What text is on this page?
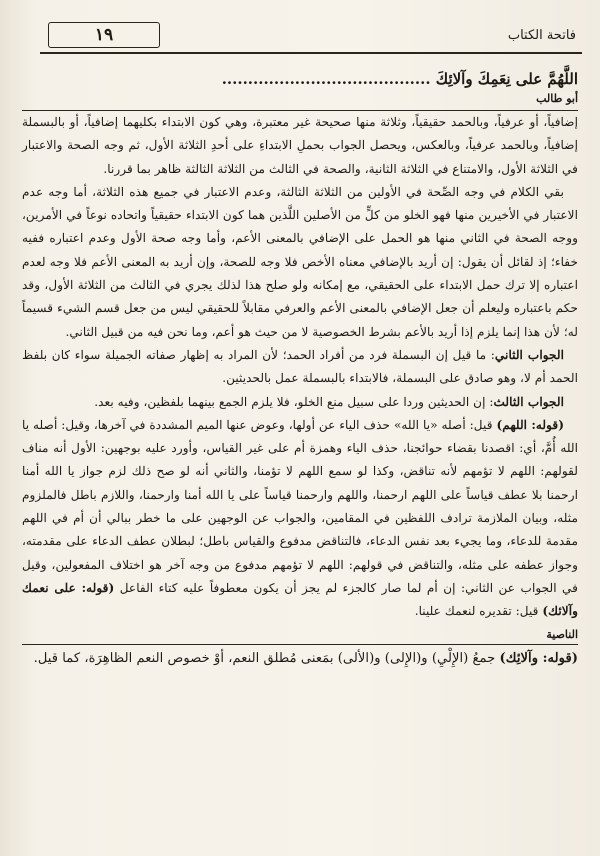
١٩	فاتحة الكتاب
اللَّهُمَّ على نِعَمِكَ وآلائِكَ ........................................
أبو طالب

إضافياً، أو عرفياً، وبالحمد حقيقياً، وثلاثة منها صحيحة غير معتبرة، وهي كون الابتداء بكليهما إضافياً، أو بالبسملة إضافياً، وبالحمد عرفياً، وبالعكس، ويحصل الجواب بحملِ الابتداءِ على أحدِ الثلاثة الأول، ثم وجه الصحة والاعتبار في الثلاثة الأول، والامتناع في الثلاثة الثانية، والصحة في الثالث من الثلاثة الثالثة ظاهر بما قررنا.

بقي الكلام في وجه الصِّحة في الأولين من الثلاثة الثالثة، وعدم الاعتبار في جميع هذه الثلاثة، أما وجه عدم الاعتبار في الأخيرين منها فهو الخلو من كلٍّ من الأصلين اللَّذين هما كون الابتداء حقيقياً واتحاده نوعاً في الأمرين، ووجه الصحة في الثاني منها هو الحمل على الإضافي بالمعنى الأعم، وأما وجه صحة الأول وعدم اعتباره ففيه خفاء؛ إذ لقائل أن يقول: إن أريد بالإضافي معناه الأخص فلا وجه للصحة، وإن أريد به المعنى الأعم فلا وجه لعدم اعتباره إلا ترك حمل الابتداء على الحقيقي، مع إمكانه ولو صلح هذا لذلك يجري في الثالث من الثلاثة الأول، وقد حكم باعتباره وليعلم أن جعل الإضافي بالمعنى الأعم والعرفي مقابلاً للحقيقي ليس من جعل قسم الشيء قسيماً له؛ لأن هذا إنما يلزم إذا أريد بالأعم بشرط الخصوصية لا من حيث هو أعم، وما نحن فيه من قبيل الثاني.

الجواب الثاني: ما قيل إن البسملة فرد من أفراد الحمد؛ لأن المراد به إظهار صفاته الجميلة سواء كان بلفظ الحمد أم لا، وهو صادق على البسملة، فالابتداء بالبسملة عمل بالحديثين.

الجواب الثالث: إن الحديثين وردا على سبيل منع الخلو، فلا يلزم الجمع بينهما بلفظين، وفيه بعد.

(قوله: اللهم) قيل: أصله «يا الله» حذف الياء عن أولها، وعوض عنها الميم المشددة في آخرها، وقيل: أصله يا الله أُمَّ، أي: اقصدنا بقضاء حوائجنا، حذف الياء وهمزة أم على غير القياس، وأورد عليه بوجهين: الأول أنه مناف لقولهم: اللهم لا تؤمهم لأنه تناقض، وكذا لو سمع اللهم لا تؤمنا، والثاني أنه لو صح ذلك لزم جواز يا الله أمنا ارحمنا بلا عطف قياساً على اللهم ارحمنا، واللهم وارحمنا قياساً على يا الله أمنا وارحمنا، واللازم باطل فالملزوم مثله، وبيان الملازمة ترادف اللفظين في المقامين، والجواب عن الوجهين على ما خطر ببالي أن أم في اللهم مقدمة للدعاء، وما يجيء بعد نفس الدعاء، فالتناقض مدفوع والقياس باطل؛ لبطلان عطف الدعاء على مقدمته، وجواز عطفه على مثله، والتناقض في قولهم: اللهم لا تؤمهم مدفوع من وجه آخر هو اختلاف المفعولين، وقيل في الجواب عن الثاني: إن أم لما صار كالجزء لم يجز أن يكون معطوفاً عليه كتاء الفاعل (قوله: على نعمك وآلائك) قيل: تقديره لنعمك علينا.

الناصية

(قوله: وآلائِك) جمعُ (الإِلْيِ) و(الإِلى) و(الألى) بمَعنى مُطلق النعم، أوْ خصوص النعم الظاهِرَة، كما قيل.
